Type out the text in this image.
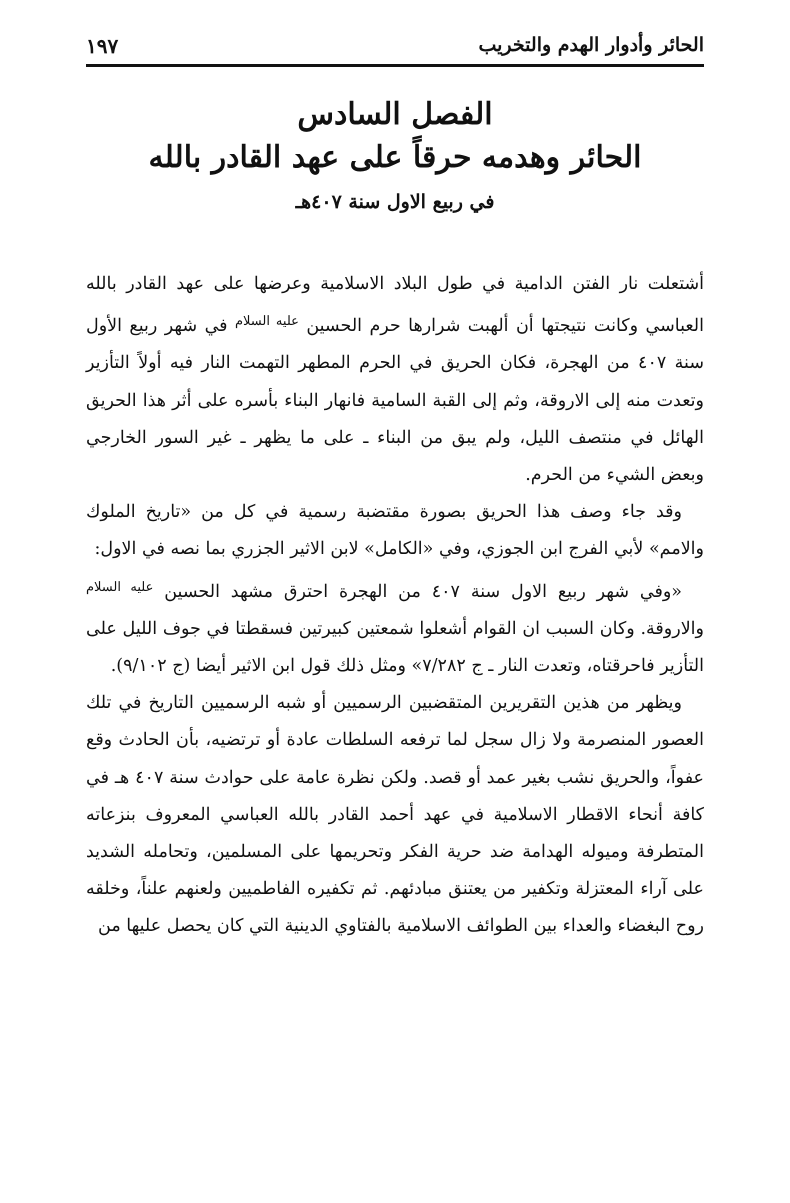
الحائر وأدوار الهدم والتخريب
١٩٧
الفصل السادس
الحائر وهدمه حرقاً على عهد القادر بالله
في ربيع الاول سنة ٤٠٧هـ

أشتعلت نار الفتن الدامية في طول البلاد الاسلامية وعرضها على عهد القادر بالله العباسي وكانت نتيجتها أن ألهبت شرارها حرم الحسين $^{عليه السلام}$ في شهر ربيع الأول سنة ٤٠٧ من الهجرة، فكان الحريق في الحرم المطهر التهمت النار فيه أولاً التأزير وتعدت منه إلى الاروقة، وثم إلى القبة السامية فانهار البناء بأسره على أثر هذا الحريق الهائل في منتصف الليل، ولم يبق من البناء ـ على ما يظهر ـ غير السور الخارجي وبعض الشيء من الحرم.

وقد جاء وصف هذا الحريق بصورة مقتضبة رسمية في كل من «تاريخ الملوك والامم» لأبي الفرج ابن الجوزي، وفي «الكامل» لابن الاثير الجزري بما نصه في الاول:

«وفي شهر ربيع الاول سنة ٤٠٧ من الهجرة احترق مشهد الحسين $^{عليه السلام}$ والاروقة. وكان السبب ان القوام أشعلوا شمعتين كبيرتين فسقطتا في جوف الليل على التأزير فاحرقتاه، وتعدت النار ـ ج ٧/٢٨٢» ومثل ذلك قول ابن الاثير أيضا (ج ٩/١٠٢).

ويظهر من هذين التقريرين المتقضبين الرسميين أو شبه الرسميين التاريخ في تلك العصور المنصرمة ولا زال سجل لما ترفعه السلطات عادة أو ترتضيه، بأن الحادث وقع عفواً، والحريق نشب بغير عمد أو قصد. ولكن نظرة عامة على حوادث سنة ٤٠٧ هـ في كافة أنحاء الاقطار الاسلامية في عهد أحمد القادر بالله العباسي المعروف بنزعاته المتطرفة وميوله الهدامة ضد حرية الفكر وتحريمها على المسلمين، وتحامله الشديد على آراء المعتزلة وتكفير من يعتنق مبادئهم. ثم تكفيره الفاطميين ولعنهم علناً، وخلقه روح البغضاء والعداء بين الطوائف الاسلامية بالفتاوي الدينية التي كان يحصل عليها من
